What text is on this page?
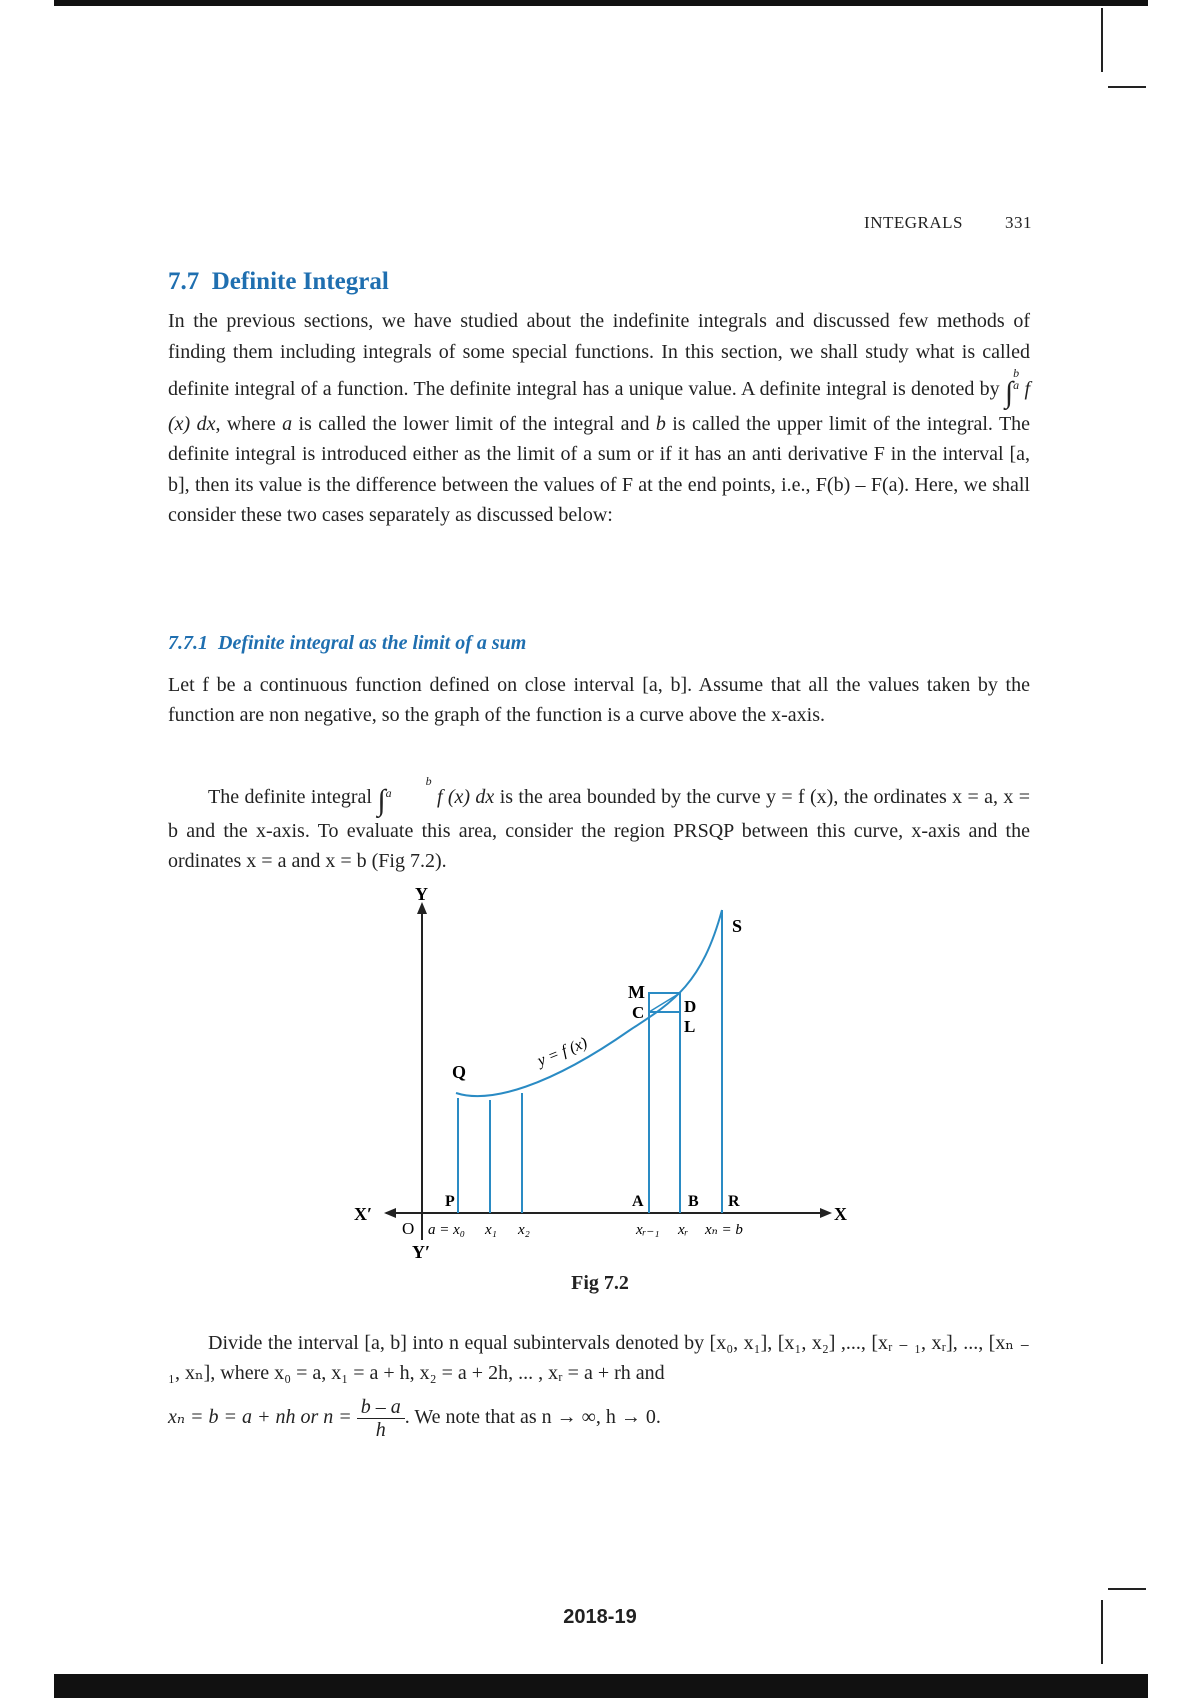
INTEGRALS 331
7.7 Definite Integral

In the previous sections, we have studied about the indefinite integrals and discussed few methods of finding them including integrals of some special functions. In this section, we shall study what is called definite integral of a function. The definite integral has a unique value. A definite integral is denoted by ∫b
a f (x) dx, where a is called the lower limit of the integral and b is called the upper limit of the integral. The definite integral is introduced either as the limit of a sum or if it has an anti derivative F in the interval [a, b], then its value is the difference between the values of F at the end points, i.e., F(b) – F(a). Here, we shall consider these two cases separately as discussed below:

7.7.1 Definite integral as the limit of a sum

Let f be a continuous function defined on close interval [a, b]. Assume that all the values taken by the function are non negative, so the graph of the function is a curve above the x-axis.

The definite integral ∫b
a f (x) dx is the area bounded by the curve y = f (x), the ordinates x = a, x = b and the x-axis. To evaluate this area, consider the region PRSQP between this curve, x-axis and the ordinates x = a and x = b (Fig 7.2).

Y
Y′
X
X′
O
S
M
C D
L
Q
y = f (x)
P	A	B R
a = x₀ x₁ x₂	xᵣ₋₁ xᵣ xₙ = b
Fig 7.2

Divide the interval [a, b] into n equal subintervals denoted by [x₀, x₁], [x₁, x₂] ,..., [xᵣ ₋ ₁, xᵣ], ..., [xₙ ₋ ₁, xₙ], where x₀ = a, x₁ = a + h, x₂ = a + 2h, ... , xᵣ = a + rh and

xₙ = b = a + nh or $n = \frac{b - a}{h}$ . We note that as n → ∞, h → 0.

2018-19
